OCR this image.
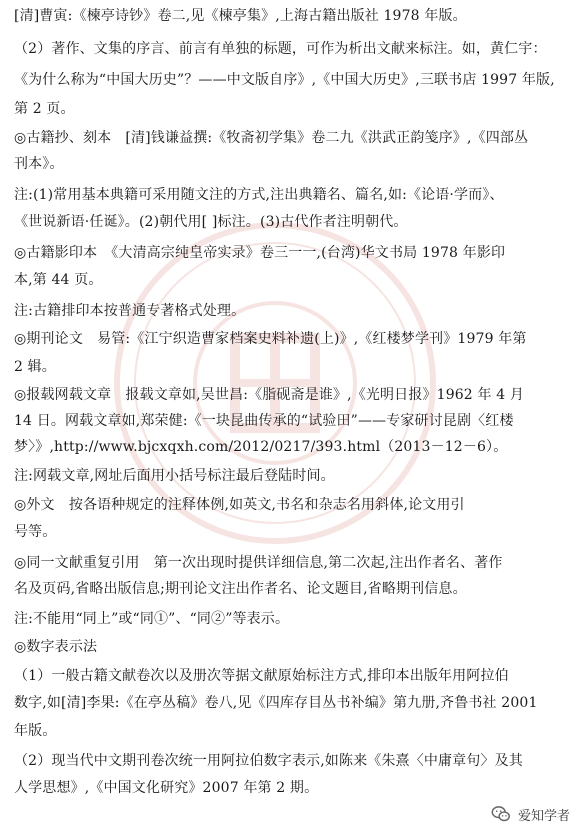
[清]曹寅:《楝亭诗钞》卷二,见《楝亭集》,上海古籍出版社 1978 年版。
（2）著作、文集的序言、前言有单独的标题，可作为析出文献来标注。如，黄仁宇：
《为什么称为“中国大历史”？——中文版自序》,《中国大历史》,三联书店 1997 年版,
第 2 页。
◎古籍抄、刻本　[清]钱谦益撰:《牧斋初学集》卷二九《洪武正韵笺序》,《四部丛
刊本》。
注:(1)常用基本典籍可采用随文注的方式,注出典籍名、篇名,如:《论语·学而》、
《世说新语·任诞》。(2)朝代用[ ]标注。(3)古代作者注明朝代。
◎古籍影印本　《大清高宗纯皇帝实录》卷三一一,(台湾)华文书局 1978 年影印
本,第 44 页。
注:古籍排印本按普通专著格式处理。
◎期刊论文　易管:《江宁织造曹家档案史料补遗(上)》,《红楼梦学刊》1979 年第
2 辑。
◎报载网载文章　报载文章如,吴世昌:《脂砚斋是谁》,《光明日报》1962 年 4 月
14 日。网载文章如,郑荣健:《一块昆曲传承的“试验田”——专家研讨昆剧〈红楼
梦〉》,http://www.bjcxqxh.com/2012/0217/393.html（2013－12－6）。
注:网载文章,网址后面用小括号标注最后登陆时间。
◎外文　按各语种规定的注释体例,如英文,书名和杂志名用斜体,论文用引
号等。
◎同一文献重复引用　第一次出现时提供详细信息,第二次起,注出作者名、著作
名及页码,省略出版信息;期刊论文注出作者名、论文题目,省略期刊信息。
注:不能用“同上”或“同①”、“同②”等表示。
◎数字表示法
（1）一般古籍文献卷次以及册次等据文献原始标注方式,排印本出版年用阿拉伯
数字,如[清]李果:《在亭丛稿》卷八,见《四库存目丛书补编》第九册,齐鲁书社 2001
年版。
（2）现当代中文期刊卷次统一用阿拉伯数字表示,如陈来《朱熹〈中庸章句〉及其
人学思想》,《中国文化研究》2007 年第 2 期。
爱知学者
